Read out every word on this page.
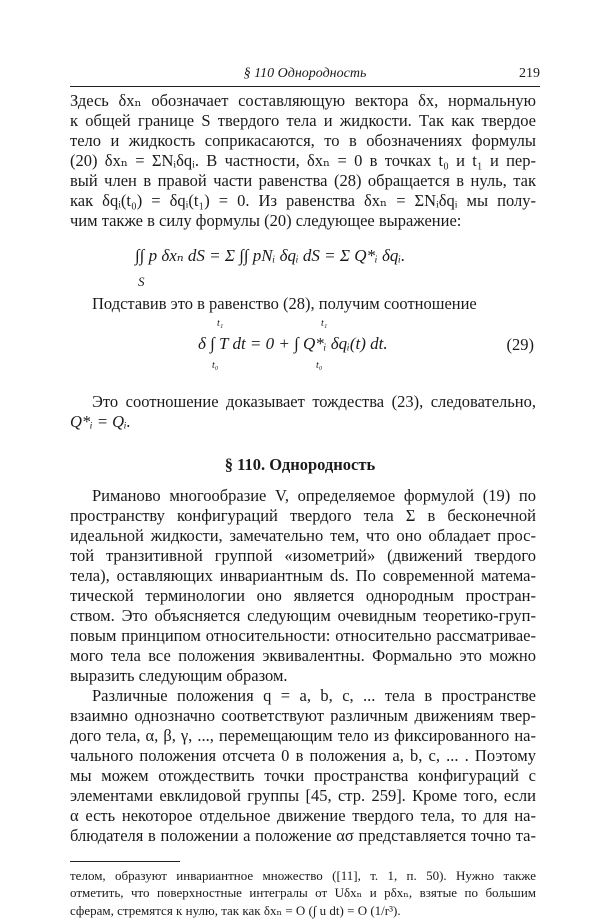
§ 110 Однородность	219
Здесь δxₙ обозначает составляющую вектора δx, нормальную
к общей границе S твердого тела и жидкости. Так как твердое
тело и жидкость соприкасаются, то в обозначениях формулы
(20) δxₙ = ΣNᵢδqᵢ. В частности, δxₙ = 0 в точках t₀ и t₁ и пер-
вый член в правой части равенства (28) обращается в нуль, так
как δqᵢ(t₀) = δqᵢ(t₁) = 0. Из равенства δxₙ = ΣNᵢδqᵢ мы полу-
чим также в силу формулы (20) следующее выражение:
∫∫ p δxₙ dS = Σ ∫∫ pNᵢ δqᵢ dS = Σ Q*ᵢ δqᵢ.
S
Подставив это в равенство (28), получим соотношение
δ ∫ T dt = 0 + ∫ Q*ᵢ δqᵢ(t) dt.
t₁
t₀
t₁
t₀
(29)
Это соотношение доказывает тождества (23), следовательно,
Q*ᵢ = Qᵢ.
§ 110. Однородность
Риманово многообразие V, определяемое формулой (19) по
пространству конфигураций твердого тела Σ в бесконечной
идеальной жидкости, замечательно тем, что оно обладает прос-
той транзитивной группой «изометрий» (движений твердого
тела), оставляющих инвариантным ds. По современной матема-
тической терминологии оно является однородным простран-
ством. Это объясняется следующим очевидным теоретико-груп-
повым принципом относительности: относительно рассматривае-
мого тела все положения эквивалентны. Формально это можно
выразить следующим образом.
Различные положения q = a, b, c, ... тела в пространстве
взаимно однозначно соответствуют различным движениям твер-
дого тела, α, β, γ, ..., перемещающим тело из фиксированного на-
чального положения отсчета 0 в положения a, b, c, ... . Поэтому
мы можем отождествить точки пространства конфигураций с
элементами евклидовой группы [45, стр. 259]. Кроме того, если
α есть некоторое отдельное движение твердого тела, то для на-
блюдателя в положении a положение ασ представляется точно та-
телом, образуют инвариантное множество ([11], т. 1, п. 50). Нужно также
отметить, что поверхностные интегралы от Uδxₙ и pδxₙ, взятые по большим
сферам, стремятся к нулю, так как δxₙ = O (∫ u dt) = O (1/r³).
